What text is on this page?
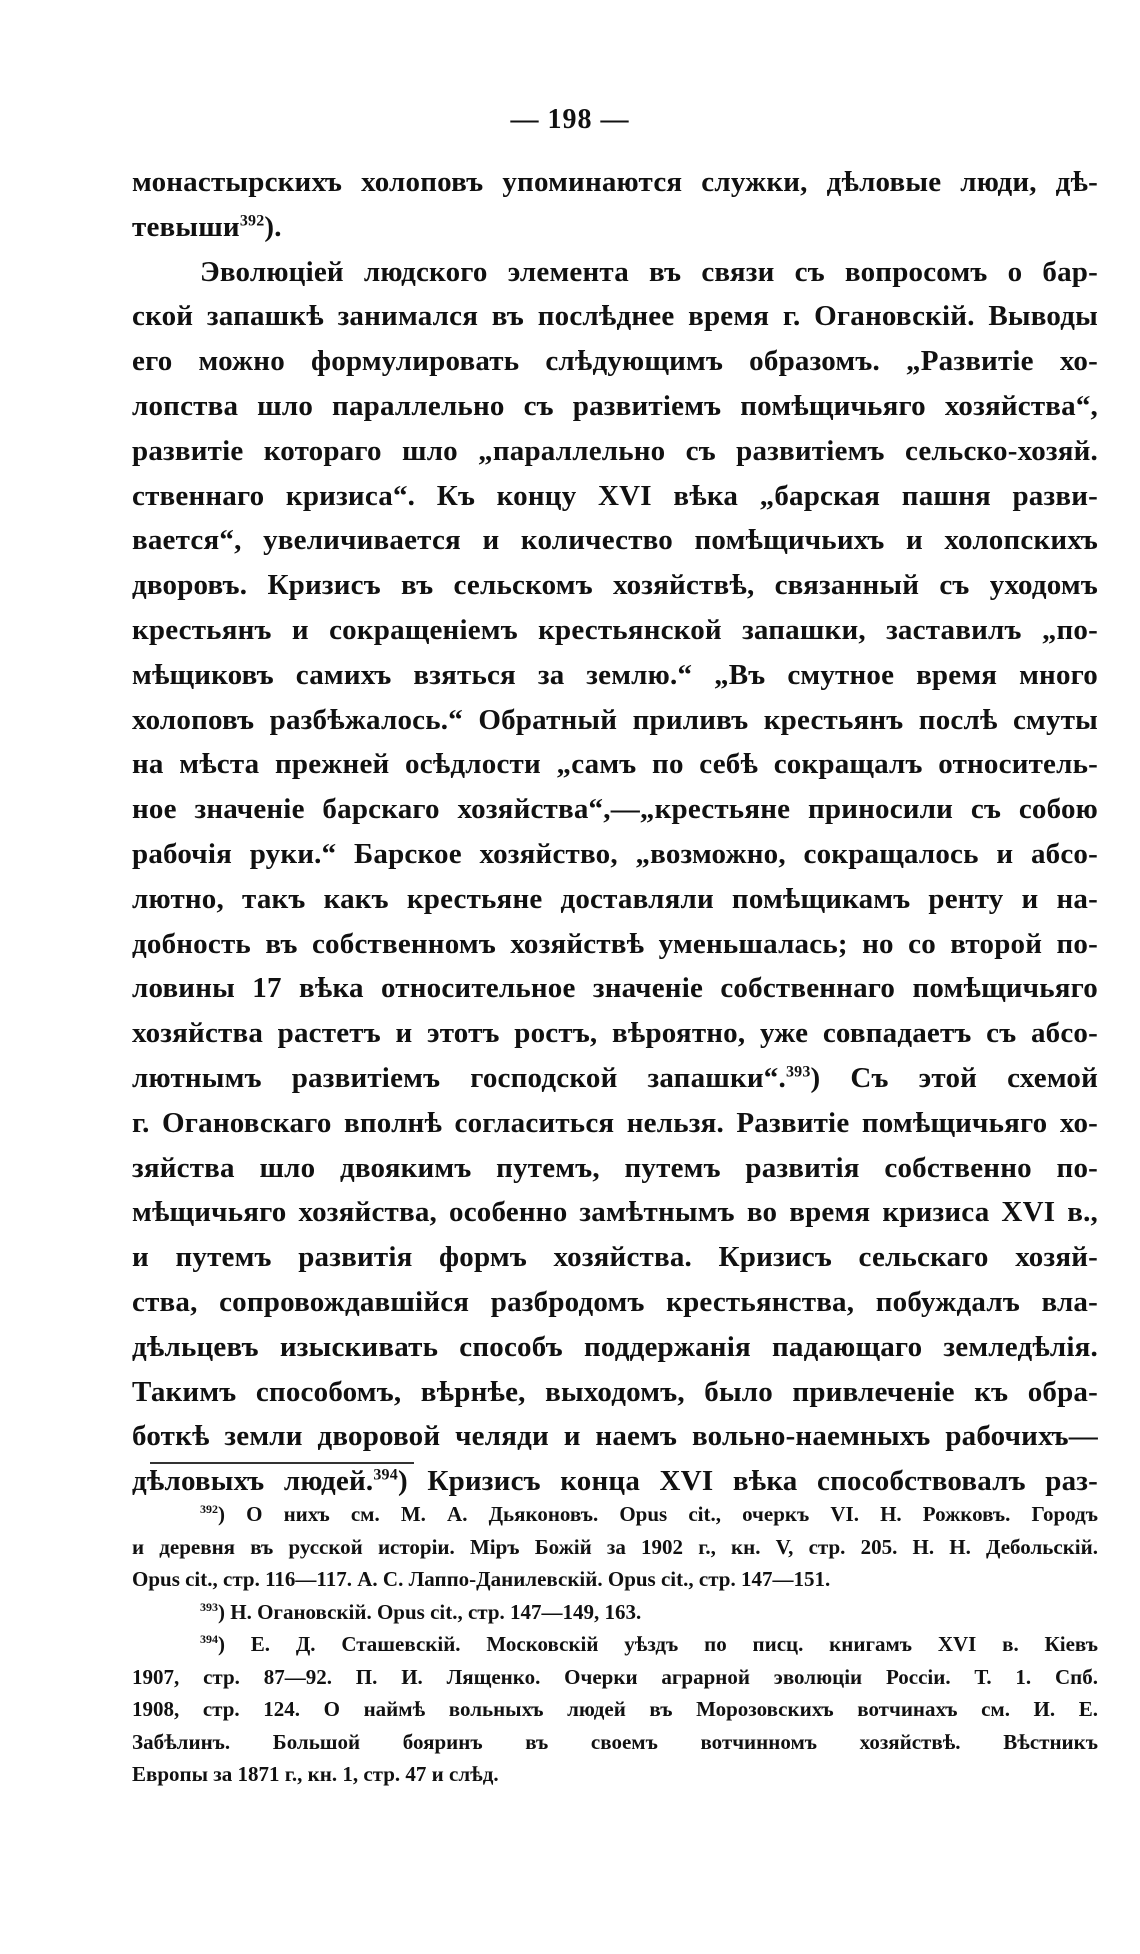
— 198 —
монастырскихъ холоповъ упоминаются служки, дѣловые люди, дѣ-
тевыши$^{392}$).
Эволюціей людского элемента въ связи съ вопросомъ о бар-
ской запашкѣ занимался въ послѣднее время г. Огановскій. Выводы
его можно формулировать слѣдующимъ образомъ. „Развитіе хо-
лопства шло параллельно съ развитіемъ помѣщичьяго хозяйства“,
развитіе котораго шло „параллельно съ развитіемъ сельско-хозяй.
ственнаго кризиса“. Къ концу XVI вѣка „барская пашня разви-
вается“, увеличивается и количество помѣщичьихъ и холопскихъ
дворовъ. Кризисъ въ сельскомъ хозяйствѣ, связанный съ уходомъ
крестьянъ и сокращеніемъ крестьянской запашки, заставилъ „по-
мѣщиковъ самихъ взяться за землю.“ „Въ смутное время много
холоповъ разбѣжалось.“ Обратный приливъ крестьянъ послѣ смуты
на мѣста прежней осѣдлости „самъ по себѣ сокращалъ относитель-
ное значеніе барскаго хозяйства“,—„крестьяне приносили съ собою
рабочія руки.“ Барское хозяйство, „возможно, сокращалось и абсо-
лютно, такъ какъ крестьяне доставляли помѣщикамъ ренту и на-
добность въ собственномъ хозяйствѣ уменьшалась; но со второй по-
ловины 17 вѣка относительное значеніе собственнаго помѣщичьяго
хозяйства растетъ и этотъ ростъ, вѣроятно, уже совпадаетъ съ абсо-
лютнымъ развитіемъ господской запашки“.$^{393}$) Съ этой схемой
г. Огановскаго вполнѣ согласиться нельзя. Развитіе помѣщичьяго хо-
зяйства шло двоякимъ путемъ, путемъ развитія собственно по-
мѣщичьяго хозяйства, особенно замѣтнымъ во время кризиса XVI в.,
и путемъ развитія формъ хозяйства. Кризисъ сельскаго хозяй-
ства, сопровождавшійся разбродомъ крестьянства, побуждалъ вла-
дѣльцевъ изыскивать способъ поддержанія падающаго земледѣлія.
Такимъ способомъ, вѣрнѣе, выходомъ, было привлеченіе къ обра-
боткѣ земли дворовой челяди и наемъ вольно-наемныхъ рабочихъ—
дѣловыхъ людей.$^{394}$) Кризисъ конца XVI вѣка способствовалъ раз-
$^{392}$) О нихъ см. М. А. Дьяконовъ. Opus cit., очеркъ VI. Н. Рожковъ. Городъ
и деревня въ русской исторіи. Міръ Божій за 1902 г., кн. V, стр. 205. Н. Н. Дебольскій.
Opus cit., стр. 116—117. А. С. Лаппо-Данилевскій. Opus cit., стр. 147—151.
$^{393}$) Н. Огановскій. Opus cit., стр. 147—149, 163.
$^{394}$) Е. Д. Сташевскій. Московскій уѣздъ по писц. книгамъ XVI в. Кіевъ
1907, стр. 87—92. П. И. Лященко. Очерки аграрной эволюціи Россіи. Т. 1. Спб.
1908, стр. 124. О наймѣ вольныхъ людей въ Морозовскихъ вотчинахъ см. И. Е.
Забѣлинъ. Большой бояринъ въ своемъ вотчинномъ хозяйствѣ. Вѣстникъ
Европы за 1871 г., кн. 1, стр. 47 и слѣд.
